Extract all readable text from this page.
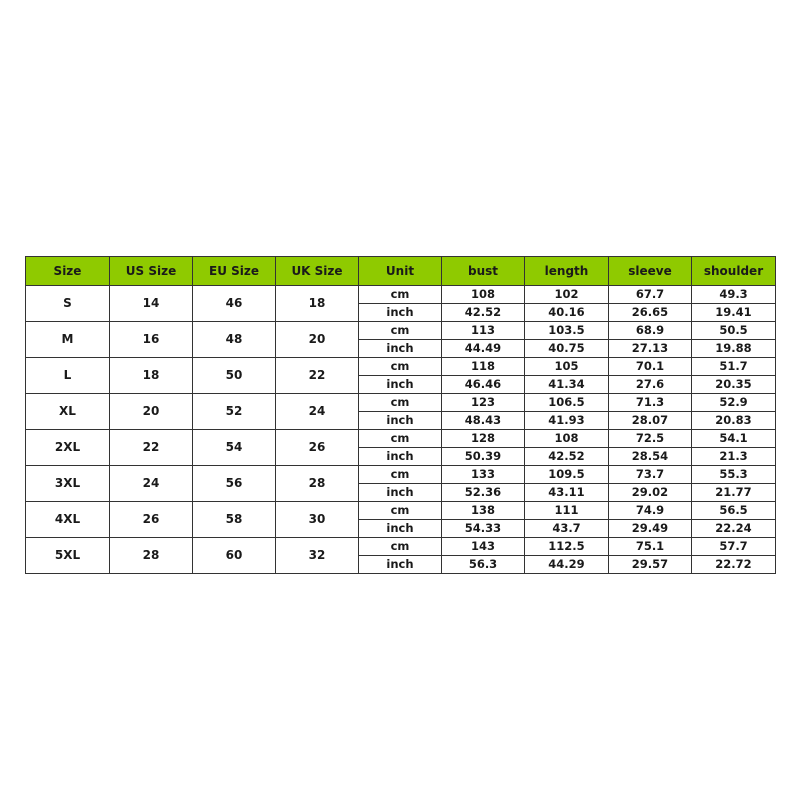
Size	US Size	EU Size	UK Size	Unit	bust	length	sleeve	shoulder
S	14	46	18	cm	108	102	67.7	49.3
				inch	42.52	40.16	26.65	19.41
M	16	48	20	cm	113	103.5	68.9	50.5
				inch	44.49	40.75	27.13	19.88
L	18	50	22	cm	118	105	70.1	51.7
				inch	46.46	41.34	27.6	20.35
XL	20	52	24	cm	123	106.5	71.3	52.9
				inch	48.43	41.93	28.07	20.83
2XL	22	54	26	cm	128	108	72.5	54.1
				inch	50.39	42.52	28.54	21.3
3XL	24	56	28	cm	133	109.5	73.7	55.3
				inch	52.36	43.11	29.02	21.77
4XL	26	58	30	cm	138	111	74.9	56.5
				inch	54.33	43.7	29.49	22.24
5XL	28	60	32	cm	143	112.5	75.1	57.7
				inch	56.3	44.29	29.57	22.72
